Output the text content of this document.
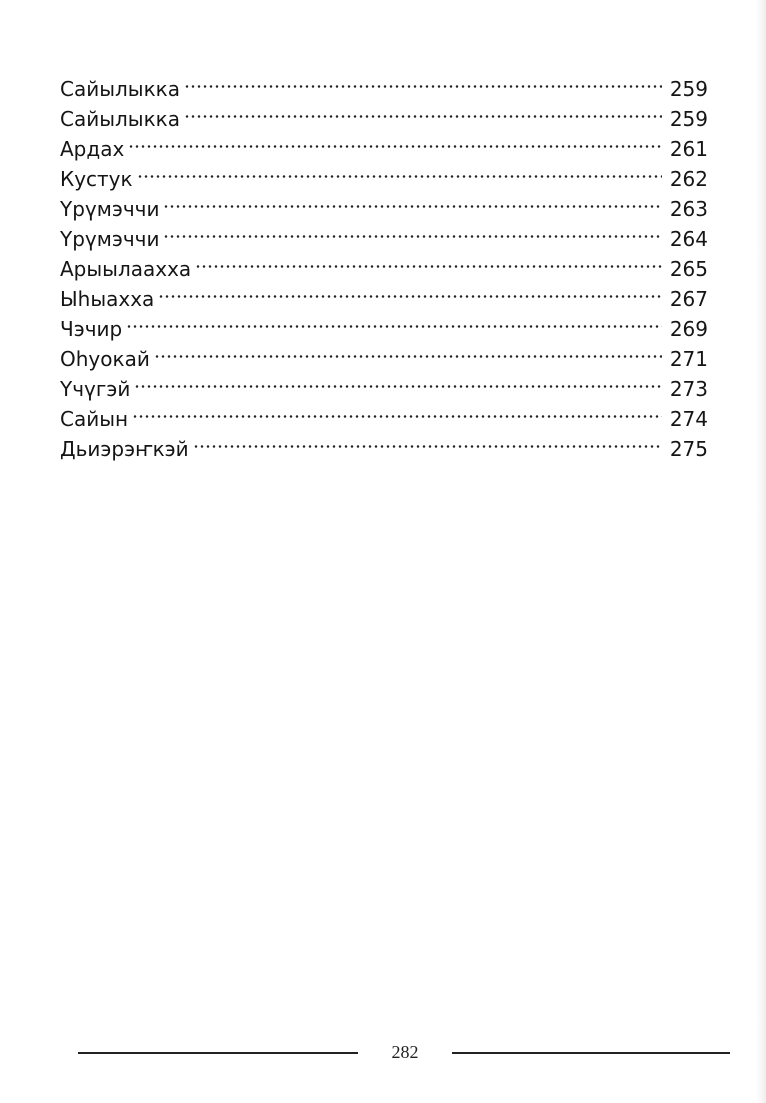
Сайылыкка	259
Сайылыкка	259
Ардах	261
Кустук	262
Үрүмэччи	263
Үрүмэччи	264
Арыылаахха	265
Ыһыахха	267
Чэчир	269
Оһуокай	271
Үчүгэй	273
Сайын	274
Дьиэрэҥкэй	275
282
